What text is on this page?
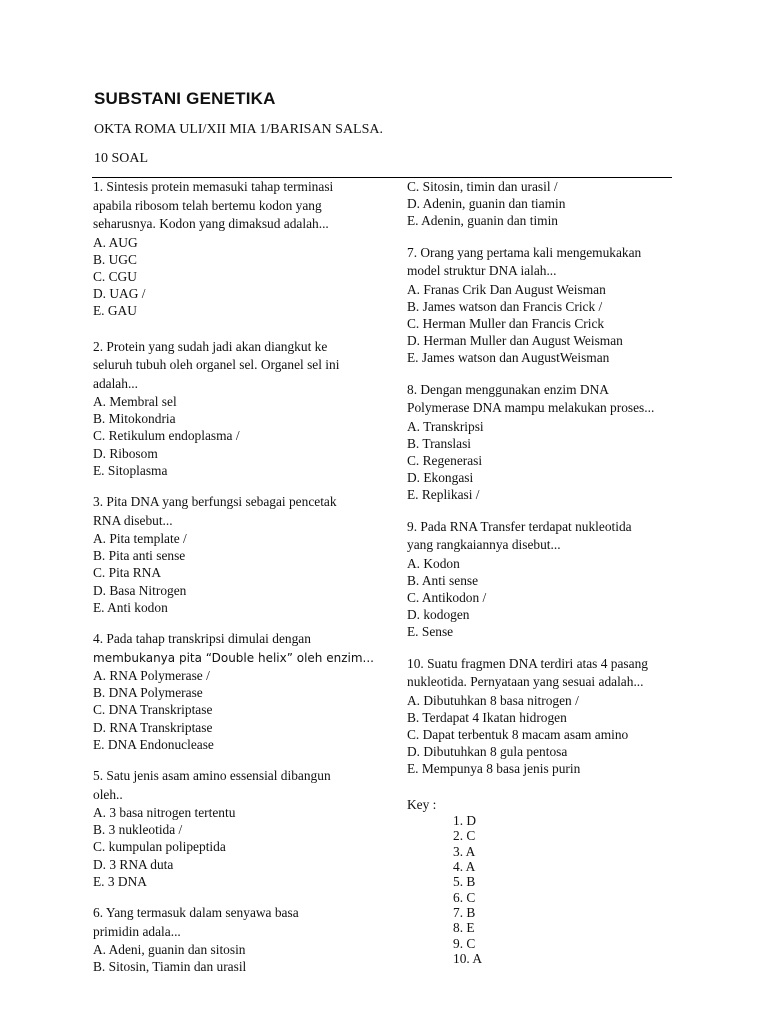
SUBSTANI GENETIKA
OKTA ROMA ULI/XII MIA 1/BARISAN SALSA.
10 SOAL
1. Sintesis protein memasuki tahap terminasi
apabila ribosom telah bertemu kodon yang
seharusnya. Kodon yang dimaksud adalah...
A. AUG
B. UGC
C. CGU
D. UAG /
E. GAU
2. Protein yang sudah jadi akan diangkut ke
seluruh tubuh oleh organel sel. Organel sel ini
adalah...
A. Membral sel
B. Mitokondria
C. Retikulum endoplasma /
D. Ribosom
E. Sitoplasma
3. Pita DNA yang berfungsi sebagai pencetak
RNA disebut...
A. Pita template /
B. Pita anti sense
C. Pita RNA
D. Basa Nitrogen
E. Anti kodon
4. Pada tahap transkripsi dimulai dengan
membukanya pita “Double helix” oleh enzim...
A. RNA Polymerase /
B. DNA Polymerase
C. DNA Transkriptase
D. RNA Transkriptase
E. DNA Endonuclease
5. Satu jenis asam amino essensial dibangun
oleh..
A. 3 basa nitrogen tertentu
B. 3 nukleotida /
C. kumpulan polipeptida
D. 3 RNA duta
E. 3 DNA
6. Yang termasuk dalam senyawa basa
primidin adala...
A. Adeni, guanin dan sitosin
B. Sitosin, Tiamin dan urasil
C. Sitosin, timin dan urasil /
D. Adenin, guanin dan tiamin
E. Adenin, guanin dan timin
7. Orang yang pertama kali mengemukakan
model struktur DNA ialah...
A. Franas Crik Dan August Weisman
B. James watson dan Francis Crick /
C. Herman Muller dan Francis Crick
D. Herman Muller dan August Weisman
E. James watson dan AugustWeisman
8. Dengan menggunakan enzim DNA
Polymerase DNA mampu melakukan proses...
A. Transkripsi
B. Translasi
C. Regenerasi
D. Ekongasi
E. Replikasi /
9. Pada RNA Transfer terdapat nukleotida
yang rangkaiannya disebut...
A. Kodon
B. Anti sense
C. Antikodon /
D. kodogen
E. Sense
10. Suatu fragmen DNA terdiri atas 4 pasang
nukleotida. Pernyataan yang sesuai adalah...
A. Dibutuhkan 8 basa nitrogen /
B. Terdapat 4 Ikatan hidrogen
C. Dapat terbentuk 8 macam asam amino
D. Dibutuhkan 8 gula pentosa
E. Mempunya 8 basa jenis purin
Key :
1. D
2. C
3. A
4. A
5. B
6. C
7. B
8. E
9. C
10. A
